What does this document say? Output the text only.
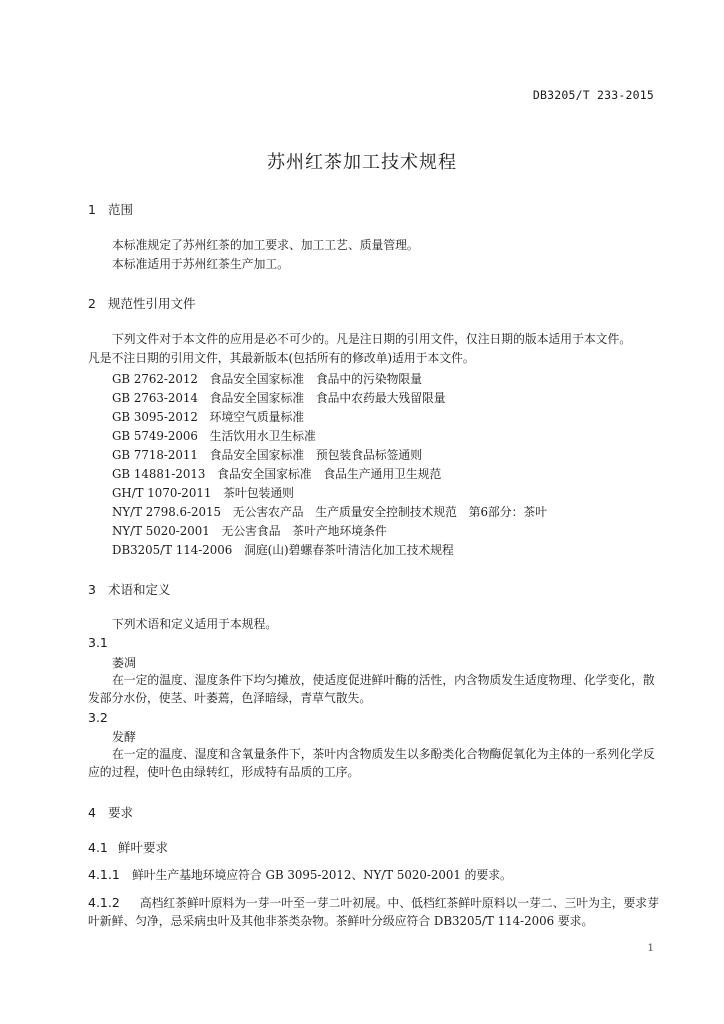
DB3205/T 233-2015
苏州红茶加工技术规程
1 范围
本标准规定了苏州红茶的加工要求、加工工艺、质量管理。
本标准适用于苏州红茶生产加工。
2 规范性引用文件
下列文件对于本文件的应用是必不可少的。凡是注日期的引用文件，仅注日期的版本适用于本文件。
凡是不注日期的引用文件，其最新版本(包括所有的修改单)适用于本文件。
GB 2762-2012　食品安全国家标准　食品中的污染物限量
GB 2763-2014　食品安全国家标准　食品中农药最大残留限量
GB 3095-2012　环境空气质量标准
GB 5749-2006　生活饮用水卫生标准
GB 7718-2011　食品安全国家标准　预包装食品标签通则
GB 14881-2013　食品安全国家标准　食品生产通用卫生规范
GH/T 1070-2011　茶叶包装通则
NY/T 2798.6-2015　无公害农产品　生产质量安全控制技术规范　第6部分：茶叶
NY/T 5020-2001　无公害食品　茶叶产地环境条件
DB3205/T 114-2006　洞庭(山)碧螺春茶叶清洁化加工技术规程
3 术语和定义
下列术语和定义适用于本规程。
3.1
萎凋
在一定的温度、湿度条件下均匀摊放，使适度促进鲜叶酶的活性，内含物质发生适度物理、化学变化，散发部分水份，使茎、叶萎蔫，色泽暗绿，青草气散失。
3.2
发酵
在一定的温度、湿度和含氧量条件下，茶叶内含物质发生以多酚类化合物酶促氧化为主体的一系列化学反应的过程，使叶色由绿转红，形成特有品质的工序。
4 要求
4.1 鲜叶要求
4.1.1 鲜叶生产基地环境应符合 GB 3095-2012、NY/T 5020-2001 的要求。
4.1.2 高档红茶鲜叶原料为一芽一叶至一芽二叶初展。中、低档红茶鲜叶原料以一芽二、三叶为主，要求芽叶新鲜、匀净，忌采病虫叶及其他非茶类杂物。茶鲜叶分级应符合 DB3205/T 114-2006 要求。
1
